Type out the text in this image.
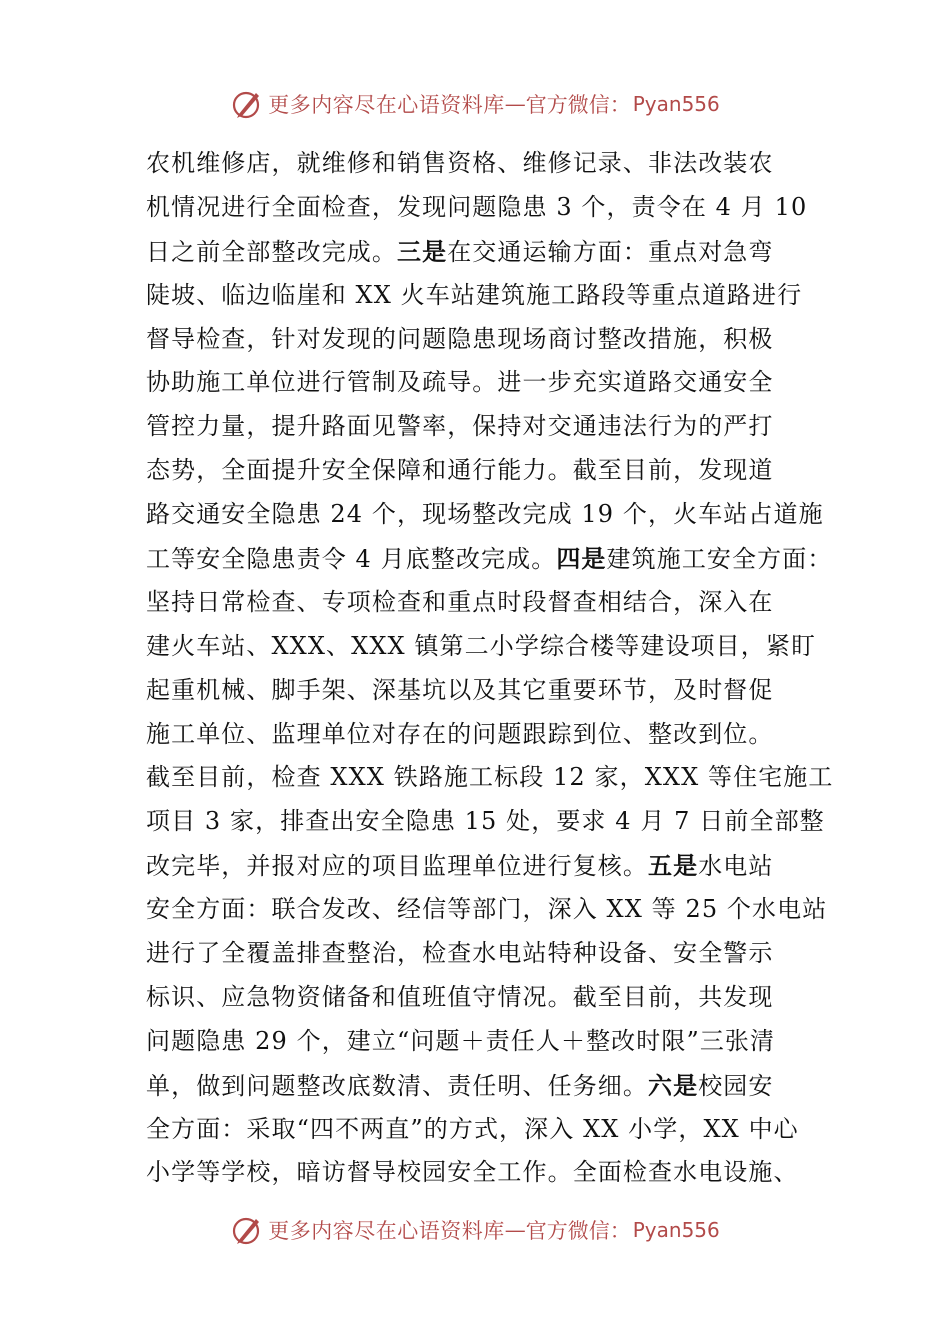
更多内容尽在心语资料库 — 官方微信： Pyan556
农机维修店，就维修和销售资格、维修记录、非法改装农
机情况进行全面检查，发现问题隐患 3 个，责令在 4 月 10
日之前全部整改完成。三是在交通运输方面：重点对急弯
陡坡、临边临崖和 XX 火车站建筑施工路段等重点道路进行
督导检查，针对发现的问题隐患现场商讨整改措施，积极
协助施工单位进行管制及疏导。进一步充实道路交通安全
管控力量，提升路面见警率，保持对交通违法行为的严打
态势，全面提升安全保障和通行能力。截至目前，发现道
路交通安全隐患 24 个，现场整改完成 19 个，火车站占道施
工等安全隐患责令 4 月底整改完成。四是建筑施工安全方面：
坚持日常检查、专项检查和重点时段督查相结合，深入在
建火车站、XXX、XXX 镇第二小学综合楼等建设项目，紧盯
起重机械、脚手架、深基坑以及其它重要环节，及时督促
施工单位、监理单位对存在的问题跟踪到位、整改到位。
截至目前，检查 XXX 铁路施工标段 12 家，XXX 等住宅施工
项目 3 家，排查出安全隐患 15 处，要求 4 月 7 日前全部整
改完毕，并报对应的项目监理单位进行复核。五是水电站
安全方面：联合发改、经信等部门，深入 XX 等 25 个水电站
进行了全覆盖排查整治，检查水电站特种设备、安全警示
标识、应急物资储备和值班值守情况。截至目前，共发现
问题隐患 29 个，建立“问题＋责任人＋整改时限”三张清
单，做到问题整改底数清、责任明、任务细。六是校园安
全方面：采取“四不两直”的方式，深入 XX 小学，XX 中心
小学等学校，暗访督导校园安全工作。全面检查水电设施、
更多内容尽在心语资料库 — 官方微信： Pyan556
